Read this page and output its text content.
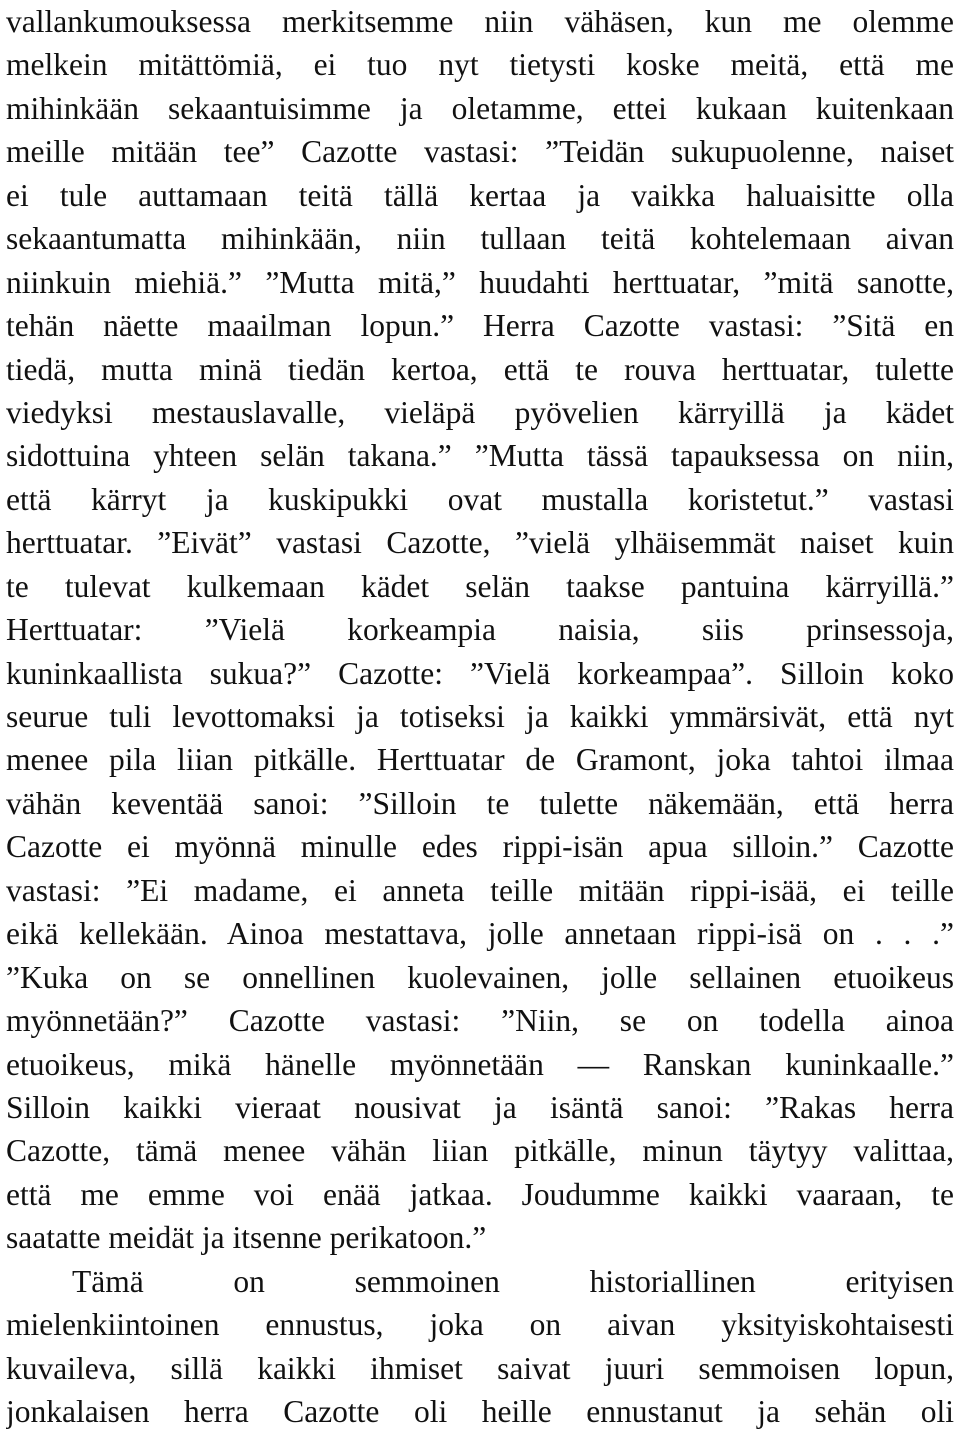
vallankumouksessa merkitsemme niin vähäsen, kun me olemme
melkein mitättömiä, ei tuo nyt tietysti koske meitä, että me
mihinkään sekaantuisimme ja oletamme, ettei kukaan kuitenkaan
meille mitään tee” Cazotte vastasi: ”Teidän sukupuolenne, naiset
ei tule auttamaan teitä tällä kertaa ja vaikka haluaisitte olla
sekaantumatta mihinkään, niin tullaan teitä kohtelemaan aivan
niinkuin miehiä.” ”Mutta mitä,” huudahti herttuatar, ”mitä sanotte,
tehän näette maailman lopun.” Herra Cazotte vastasi: ”Sitä en
tiedä, mutta minä tiedän kertoa, että te rouva herttuatar, tulette
viedyksi mestauslavalle, vieläpä pyövelien kärryillä ja kädet
sidottuina yhteen selän takana.” ”Mutta tässä tapauksessa on niin,
että kärryt ja kuskipukki ovat mustalla koristetut.” vastasi
herttuatar. ”Eivät” vastasi Cazotte, ”vielä ylhäisemmät naiset kuin
te tulevat kulkemaan kädet selän taakse pantuina kärryillä.”
Herttuatar: ”Vielä korkeampia naisia, siis prinsessoja,
kuninkaallista sukua?” Cazotte: ”Vielä korkeampaa”. Silloin koko
seurue tuli levottomaksi ja totiseksi ja kaikki ymmärsivät, että nyt
menee pila liian pitkälle. Herttuatar de Gramont, joka tahtoi ilmaa
vähän keventää sanoi: ”Silloin te tulette näkemään, että herra
Cazotte ei myönnä minulle edes rippi-isän apua silloin.” Cazotte
vastasi: ”Ei madame, ei anneta teille mitään rippi-isää, ei teille
eikä kellekään. Ainoa mestattava, jolle annetaan rippi-isä on . . .”
”Kuka on se onnellinen kuolevainen, jolle sellainen etuoikeus
myönnetään?” Cazotte vastasi: ”Niin, se on todella ainoa
etuoikeus, mikä hänelle myönnetään — Ranskan kuninkaalle.”
Silloin kaikki vieraat nousivat ja isäntä sanoi: ”Rakas herra
Cazotte, tämä menee vähän liian pitkälle, minun täytyy valittaa,
että me emme voi enää jatkaa. Joudumme kaikki vaaraan, te
saatatte meidät ja itsenne perikatoon.”
Tämä on semmoinen historiallinen erityisen
mielenkiintoinen ennustus, joka on aivan yksityiskohtaisesti
kuvaileva, sillä kaikki ihmiset saivat juuri semmoisen lopun,
jonkalaisen herra Cazotte oli heille ennustanut ja sehän oli
